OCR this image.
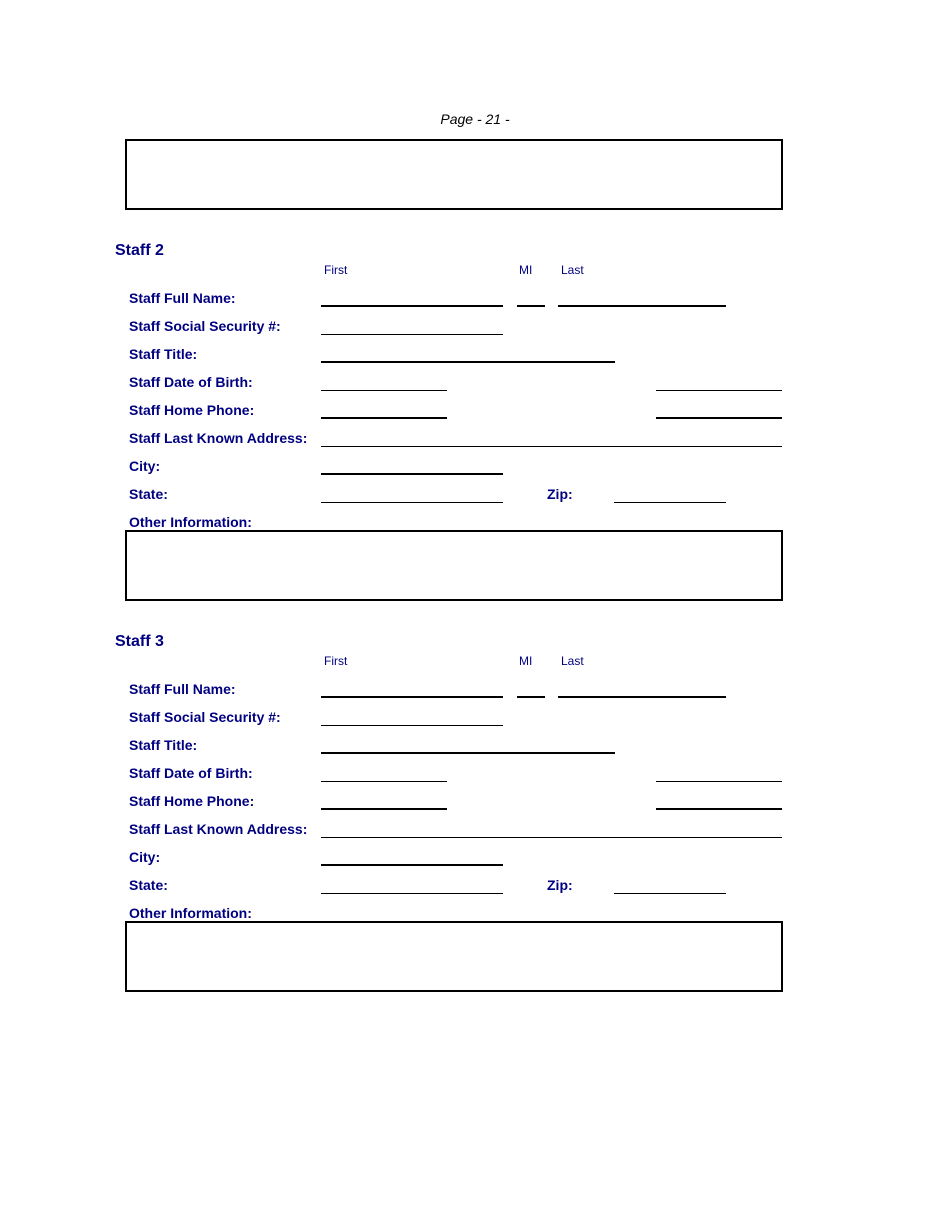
Page - 21 -
Staff 2
First	MI Last
Staff Full Name:
Staff Social Security #:
Staff Title:
Staff Date of Birth:
Staff Home Phone:
Staff Last Known Address:
City:
State:	Zip:
Other Information:
Staff 3
First	MI Last
Staff Full Name:
Staff Social Security #:
Staff Title:
Staff Date of Birth:
Staff Home Phone:
Staff Last Known Address:
City:
State:	Zip:
Other Information:
